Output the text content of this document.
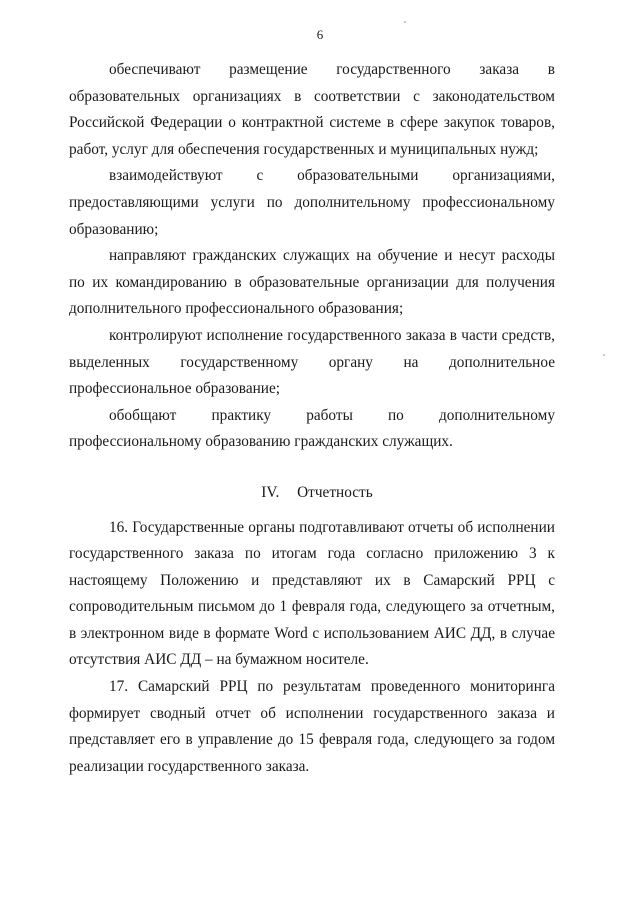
6

обеспечивают размещение государственного заказа в образовательных организациях в соответствии с законодательством Российской Федерации о контрактной системе в сфере закупок товаров, работ, услуг для обеспечения государственных и муниципальных нужд;

взаимодействуют с образовательными организациями, предоставляющими услуги по дополнительному профессиональному образованию;

направляют гражданских служащих на обучение и несут расходы по их командированию в образовательные организации для получения дополнительного профессионального образования;

контролируют исполнение государственного заказа в части средств, выделенных государственному органу на дополнительное профессиональное образование;

обобщают практику работы по дополнительному профессиональному образованию гражданских служащих.

IV. Отчетность

16. Государственные органы подготавливают отчеты об исполнении государственного заказа по итогам года согласно приложению 3 к настоящему Положению и представляют их в Самарский РРЦ с сопроводительным письмом до 1 февраля года, следующего за отчетным, в электронном виде в формате Word с использованием АИС ДД, в случае отсутствия АИС ДД – на бумажном носителе.

17. Самарский РРЦ по результатам проведенного мониторинга формирует сводный отчет об исполнении государственного заказа и представляет его в управление до 15 февраля года, следующего за годом реализации государственного заказа.
